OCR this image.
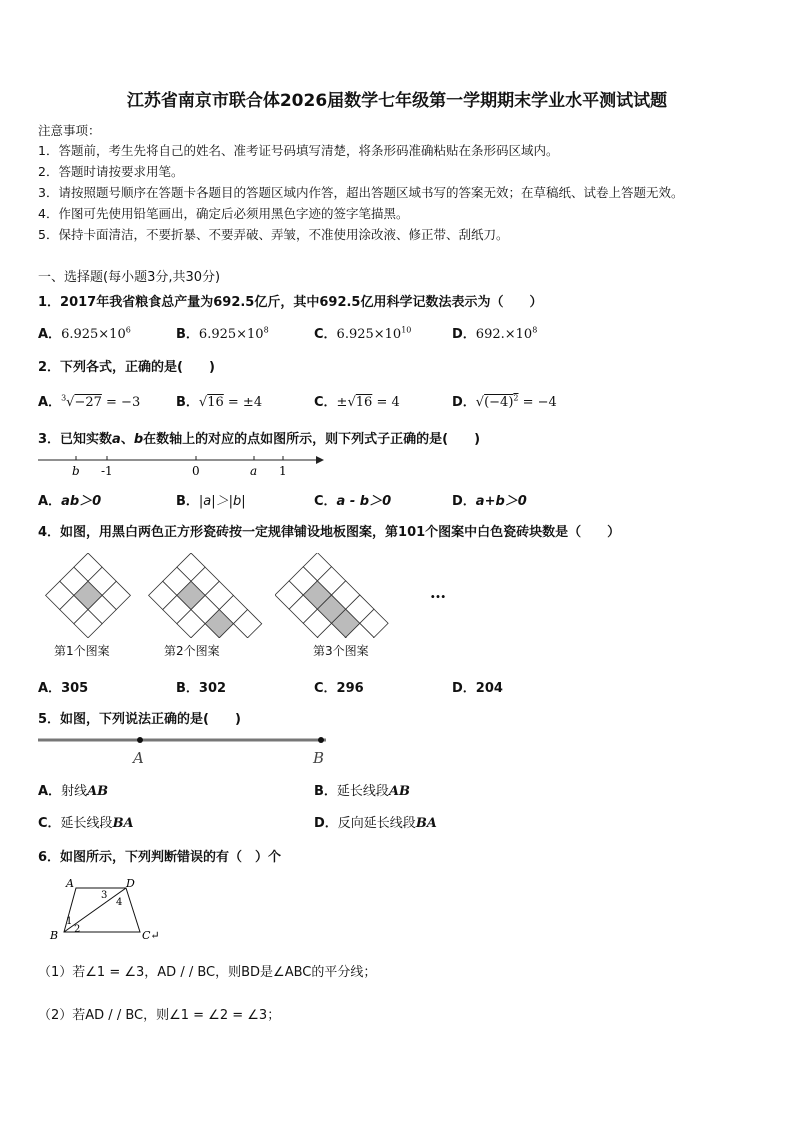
江苏省南京市联合体2026届数学七年级第一学期期末学业水平测试试题
注意事项：
1．答题前，考生先将自己的姓名、准考证号码填写清楚，将条形码准确粘贴在条形码区域内。
2．答题时请按要求用笔。
3．请按照题号顺序在答题卡各题目的答题区域内作答，超出答题区域书写的答案无效；在草稿纸、试卷上答题无效。
4．作图可先使用铅笔画出，确定后必须用黑色字迹的签字笔描黑。
5．保持卡面清洁，不要折暴、不要弄破、弄皱，不准使用涂改液、修正带、刮纸刀。
一、选择题(每小题3分,共30分)
1．2017年我省粮食总产量为692.5亿斤，其中692.5亿用科学记数法表示为（　　）
A．$6.925\times 10^6$	B．$6.925\times 10^8$	C．$6.925\times 10^{10}$	D．$692.\times 10^8$
2．下列各式，正确的是(　　)
A．$^3$√−27 = −3	B．√16 = ±4	C．±√16 = 4	D．$√(-4)^2 = -4$
3．已知实数a、b在数轴上的对应的点如图所示，则下列式子正确的是(　　)
b -1	0	a 1
A．ab＞0	B．|a|＞|b|	C．a - b＞0	D．a+b＞0
4．如图，用黑白两色正方形瓷砖按一定规律铺设地板图案，第101个图案中白色瓷砖块数是（　　）
…
第1个图案	第2个图案	第3个图案
A．305	B．302	C．296	D．204
5．如图，下列说法正确的是(　　)
A	B
A．射线AB	B．延长线段AB
C．延长线段BA	D．反向延长线段BA
6．如图所示，下列判断错误的有（　）个
A	D
B	C↵
1
2
3
4
（1）若∠1 = ∠3，AD / / BC，则BD是∠ABC的平分线；
（2）若AD / / BC，则∠1 = ∠2 = ∠3；
